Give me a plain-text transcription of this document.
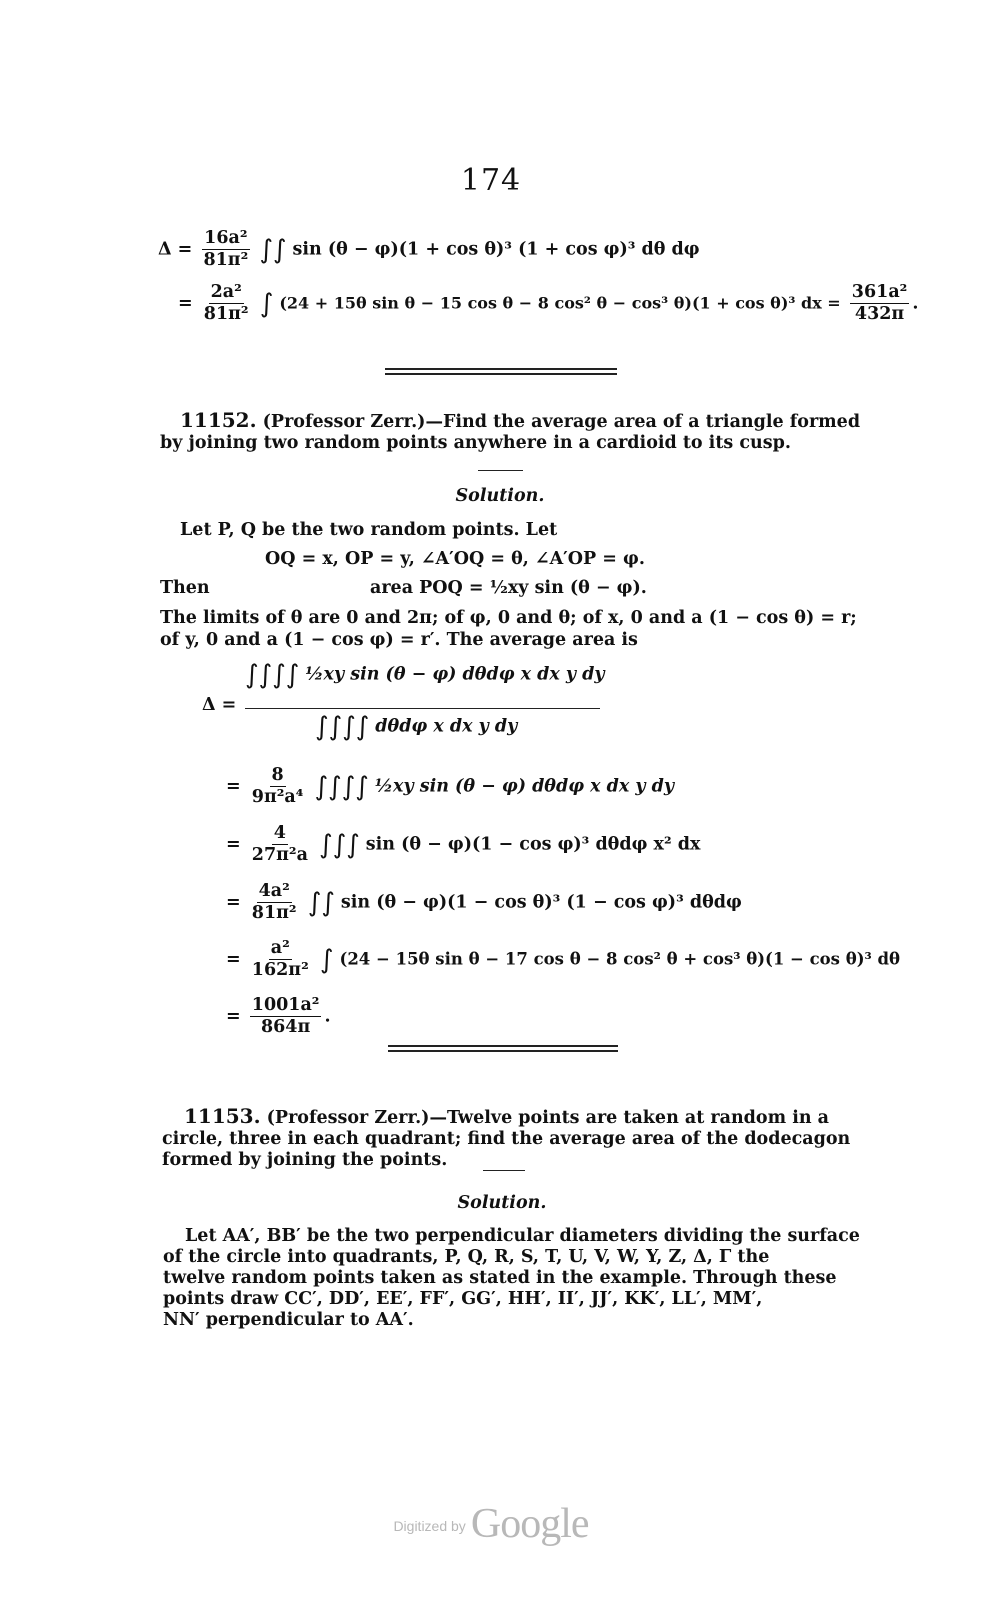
174
$\Delta = \frac{\text{16a²}}{\text{81π²}}$ ∫∫ sin (θ − φ)(1 + cos θ)³ (1 + cos φ)³ dθ dφ
= $\frac{\text{2a²}}{\text{81π²}}$ ∫ (24 + 15θ sin θ − 15 cos θ − 8 cos² θ − cos³ θ)(1 + cos θ)³ dx = $\frac{\text{361a²}}{432\pi}$ .
11152. (Professor Zerr.)—Find the average area of a triangle formed
by joining two random points anywhere in a cardioid to its cusp.
Solution.
Let P, Q be the two random points. Let
OQ = x, OP = y, ∠A′OQ = θ, ∠A′OP = φ.
Then	area POQ = ½xy sin (θ − φ).
The limits of θ are 0 and 2π; of φ, 0 and θ; of x, 0 and a (1 − cos θ) = r;
of y, 0 and a (1 − cos φ) = r′. The average area is
Δ =
∫∫∫∫ ½xy sin (θ − φ) dθdφ x dx y dy
∫∫∫∫ dθdφ x dx y dy
= $\frac{8}{\text{9π²a⁴}}$ ∫∫∫∫ ½xy sin (θ − φ) dθdφ x dx y dy
= $\frac{4}{\text{27π²a}}$ ∫∫∫ sin (θ − φ)(1 − cos φ)³ dθdφ x² dx
= $\frac{\text{4a²}}{\text{81π²}}$ ∫∫ sin (θ − φ)(1 − cos θ)³ (1 − cos φ)³ dθdφ
= $\frac{\text{a²}}{\text{162π²}}$ ∫ (24 − 15θ sin θ − 17 cos θ − 8 cos² θ + cos³ θ)(1 − cos θ)³ dθ
= $\frac{\text{1001a²}}{864\pi}$ .
11153. (Professor Zerr.)—Twelve points are taken at random in a
circle, three in each quadrant; find the average area of the dodecagon
formed by joining the points.
Solution.
Let AA′, BB′ be the two perpendicular diameters dividing the surface
of the circle into quadrants, P, Q, R, S, T, U, V, W, Y, Z, Δ, Γ the
twelve random points taken as stated in the example. Through these
points draw CC′, DD′, EE′, FF′, GG′, HH′, II′, JJ′, KK′, LL′, MM′,
NN′ perpendicular to AA′.
Digitized by Google
